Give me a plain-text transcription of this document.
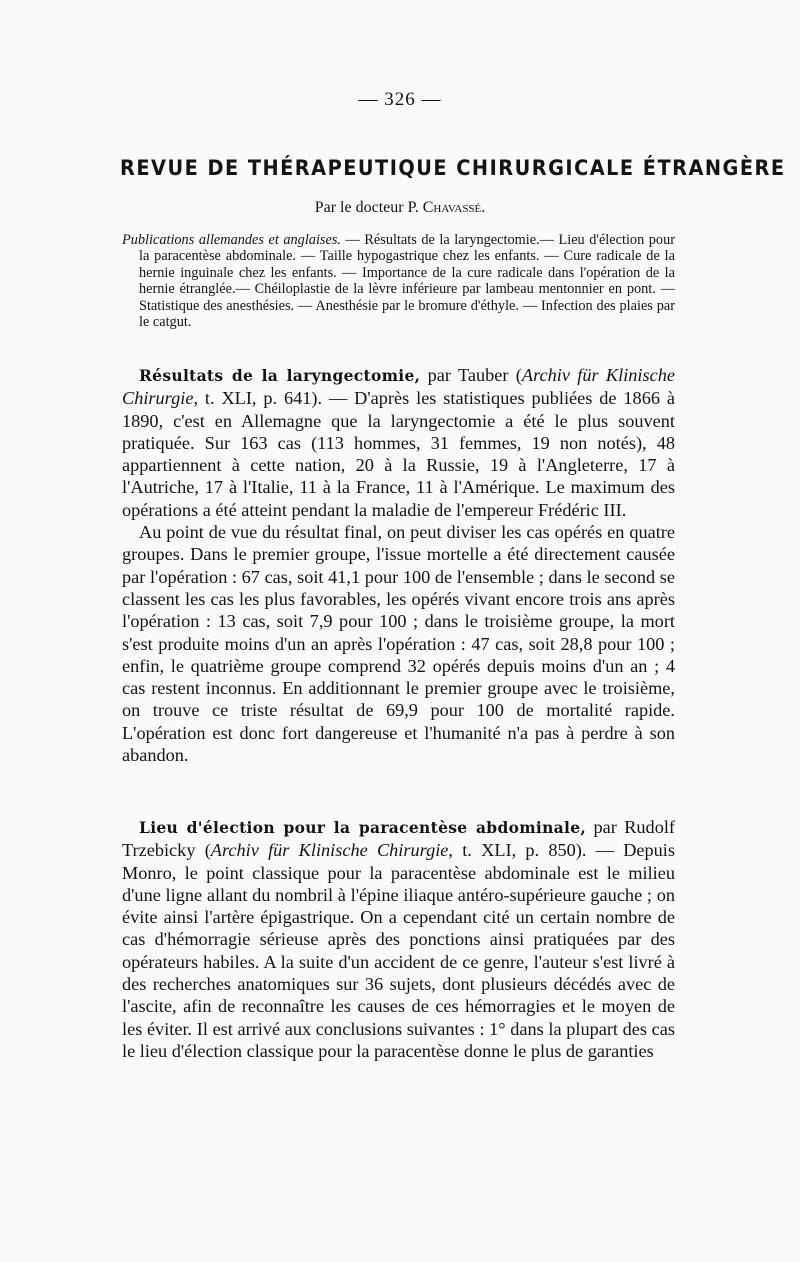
— 326 —
REVUE DE THÉRAPEUTIQUE CHIRURGICALE ÉTRANGÈRE
Par le docteur P. Chavassé.

Publications allemandes et anglaises. — Résultats de la laryngectomie.— Lieu d'élection pour la paracentèse abdominale. — Taille hypogastrique chez les enfants. — Cure radicale de la hernie inguinale chez les enfants. — Importance de la cure radicale dans l'opération de la hernie étranglée.— Chéiloplastie de la lèvre inférieure par lambeau mentonnier en pont. — Statistique des anesthésies. — Anesthésie par le bromure d'éthyle. — Infection des plaies par le catgut.

Résultats de la laryngectomie, par Tauber (Archiv für Klinische Chirurgie, t. XLI, p. 641). — D'après les statistiques publiées de 1866 à 1890, c'est en Allemagne que la laryngectomie a été le plus souvent pratiquée. Sur 163 cas (113 hommes, 31 femmes, 19 non notés), 48 appartiennent à cette nation, 20 à la Russie, 19 à l'Angleterre, 17 à l'Autriche, 17 à l'Italie, 11 à la France, 11 à l'Amérique. Le maximum des opérations a été atteint pendant la maladie de l'empereur Frédéric III.

Au point de vue du résultat final, on peut diviser les cas opérés en quatre groupes. Dans le premier groupe, l'issue mortelle a été directement causée par l'opération : 67 cas, soit 41,1 pour 100 de l'ensemble ; dans le second se classent les cas les plus favorables, les opérés vivant encore trois ans après l'opération : 13 cas, soit 7,9 pour 100 ; dans le troisième groupe, la mort s'est produite moins d'un an après l'opération : 47 cas, soit 28,8 pour 100 ; enfin, le quatrième groupe comprend 32 opérés depuis moins d'un an ; 4 cas restent inconnus. En additionnant le premier groupe avec le troisième, on trouve ce triste résultat de 69,9 pour 100 de mortalité rapide. L'opération est donc fort dangereuse et l'humanité n'a pas à perdre à son abandon.

Lieu d'élection pour la paracentèse abdominale, par Rudolf Trzebicky (Archiv für Klinische Chirurgie, t. XLI, p. 850). — Depuis Monro, le point classique pour la paracentèse abdominale est le milieu d'une ligne allant du nombril à l'épine iliaque antéro-supérieure gauche ; on évite ainsi l'artère épigastrique. On a cependant cité un certain nombre de cas d'hémorragie sérieuse après des ponctions ainsi pratiquées par des opérateurs habiles. A la suite d'un accident de ce genre, l'auteur s'est livré à des recherches anatomiques sur 36 sujets, dont plusieurs décédés avec de l'ascite, afin de reconnaître les causes de ces hémorragies et le moyen de les éviter. Il est arrivé aux conclusions suivantes : 1° dans la plupart des cas le lieu d'élection classique pour la paracentèse donne le plus de garanties
